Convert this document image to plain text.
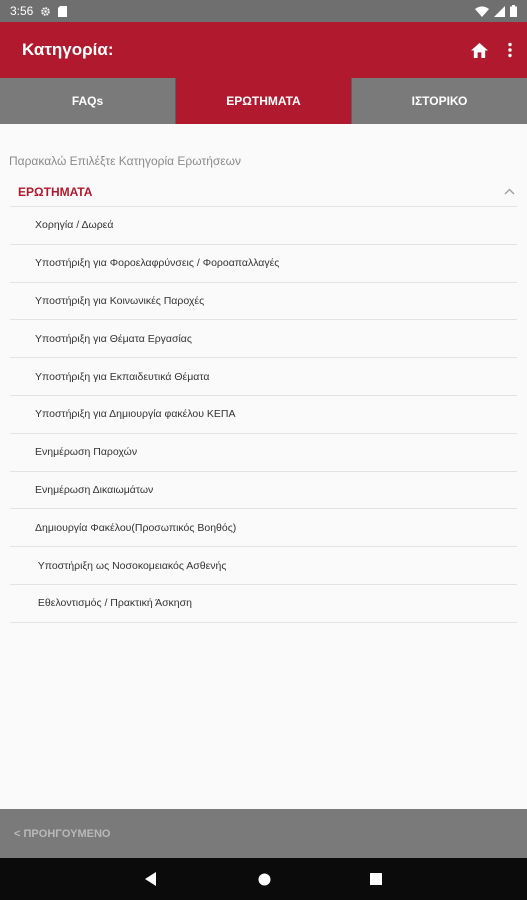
3:56
Κατηγορία:
FAQs	ΕΡΩΤΗΜΑΤΑ	ΙΣΤΟΡΙΚΟ
Παρακαλώ Επιλέξτε Κατηγορία Ερωτήσεων
ΕΡΩΤΗΜΑΤΑ
Χορηγία / Δωρεά
Υποστήριξη για Φοροελαφρύνσεις / Φοροαπαλλαγές
Υποστήριξη για Κοινωνικές Παροχές
Υποστήριξη για Θέματα Εργασίας
Υποστήριξη για Εκπαιδευτικά Θέματα
Υποστήριξη για Δημιουργία φακέλου ΚΕΠΑ
Ενημέρωση Παροχών
Ενημέρωση Δικαιωμάτων
Δημιουργία Φακέλου(Προσωπικός Βοηθός)
Υποστήριξη ως Νοσοκομειακός Ασθενής
Εθελοντισμός / Πρακτική Άσκηση
< ΠΡΟΗΓΟΥΜΕΝΟ
